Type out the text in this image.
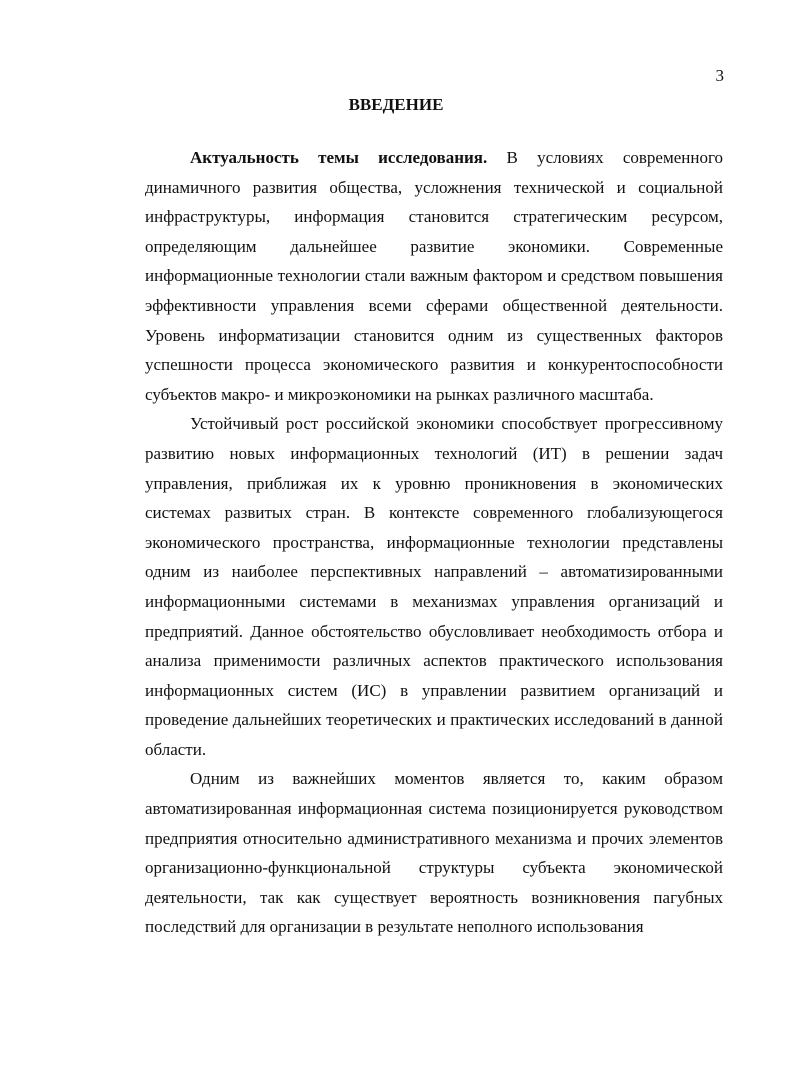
3
ВВЕДЕНИЕ

Актуальность темы исследования. В условиях современного динамичного развития общества, усложнения технической и социальной инфраструктуры, информация становится стратегическим ресурсом, определяющим дальнейшее развитие экономики. Современные информационные технологии стали важным фактором и средством повышения эффективности управления всеми сферами общественной деятельности. Уровень информатизации становится одним из существенных факторов успешности процесса экономического развития и конкурентоспособности субъектов макро- и микроэкономики на рынках различного масштаба.

Устойчивый рост российской экономики способствует прогрессивному развитию новых информационных технологий (ИТ) в решении задач управления, приближая их к уровню проникновения в экономических системах развитых стран. В контексте современного глобализующегося экономического пространства, информационные технологии представлены одним из наиболее перспективных направлений – автоматизированными информационными системами в механизмах управления организаций и предприятий. Данное обстоятельство обусловливает необходимость отбора и анализа применимости различных аспектов практического использования информационных систем (ИС) в управлении развитием организаций и проведение дальнейших теоретических и практических исследований в данной области.

Одним из важнейших моментов является то, каким образом автоматизированная информационная система позиционируется руководством предприятия относительно административного механизма и прочих элементов организационно-функциональной структуры субъекта экономической деятельности, так как существует вероятность возникновения пагубных последствий для организации в результате неполного использования
